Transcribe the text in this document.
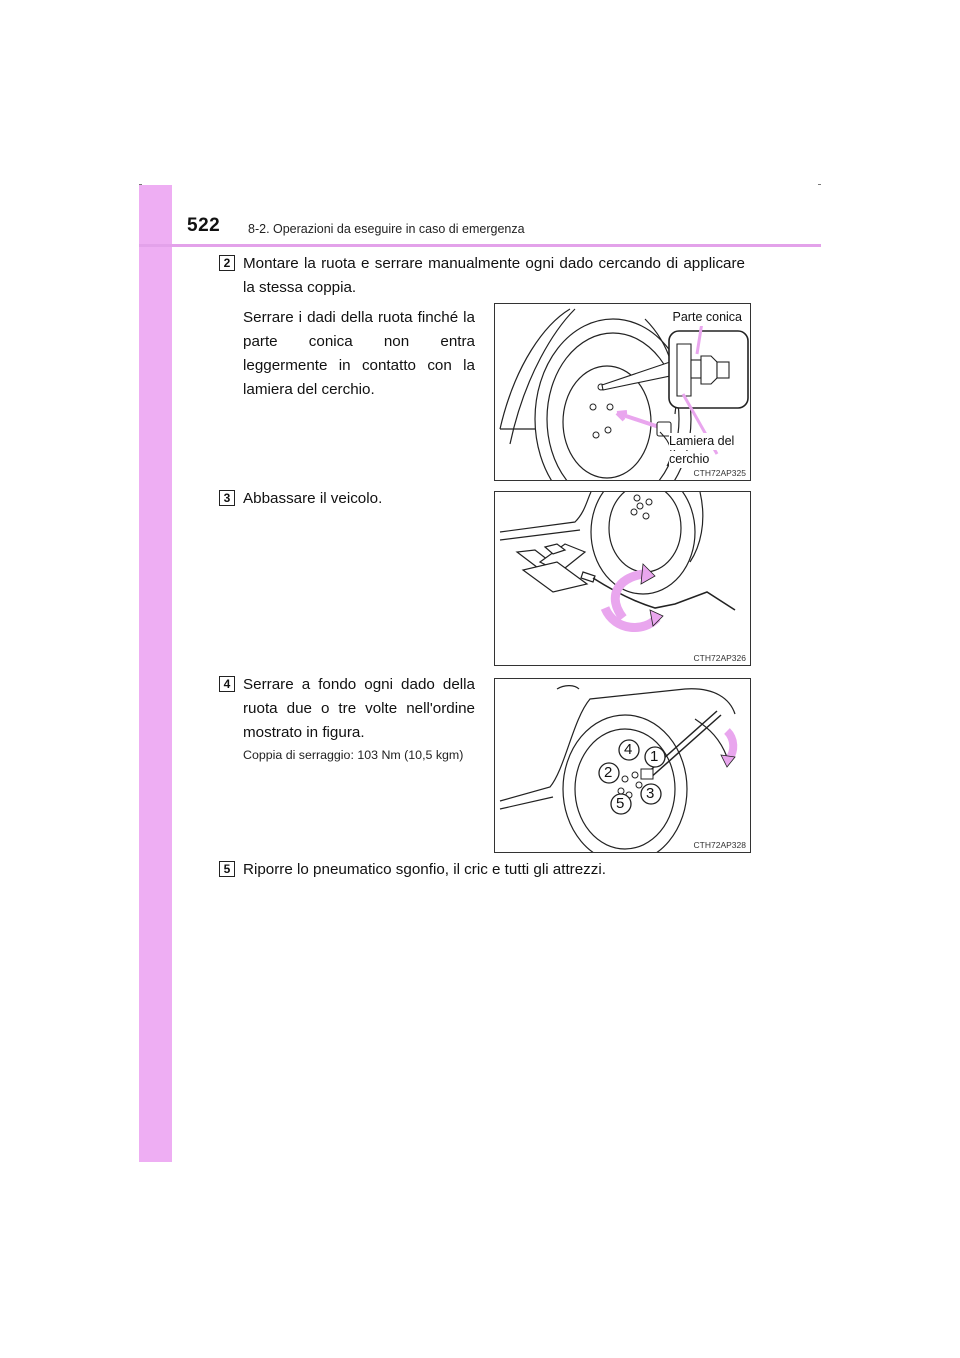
522 8-2. Operazioni da eseguire in caso di emergenza
2 Montare la ruota e serrare manualmente ogni dado cercando di applicare la stessa coppia.
Serrare i dadi della ruota finché la parte conica non entra leggermente in contatto con la lamiera del cerchio.
Parte conica
Lamiera del
cerchio
CTH72AP325
3 Abbassare il veicolo.
CTH72AP326
4 Serrare a fondo ogni dado della ruota due o tre volte nell'ordine mostrato in figura.
Coppia di serraggio: 103 Nm (10,5 kgm)	1
2
3
4
5
CTH72AP328
5 Riporre lo pneumatico sgonfio, il cric e tutti gli attrezzi.
